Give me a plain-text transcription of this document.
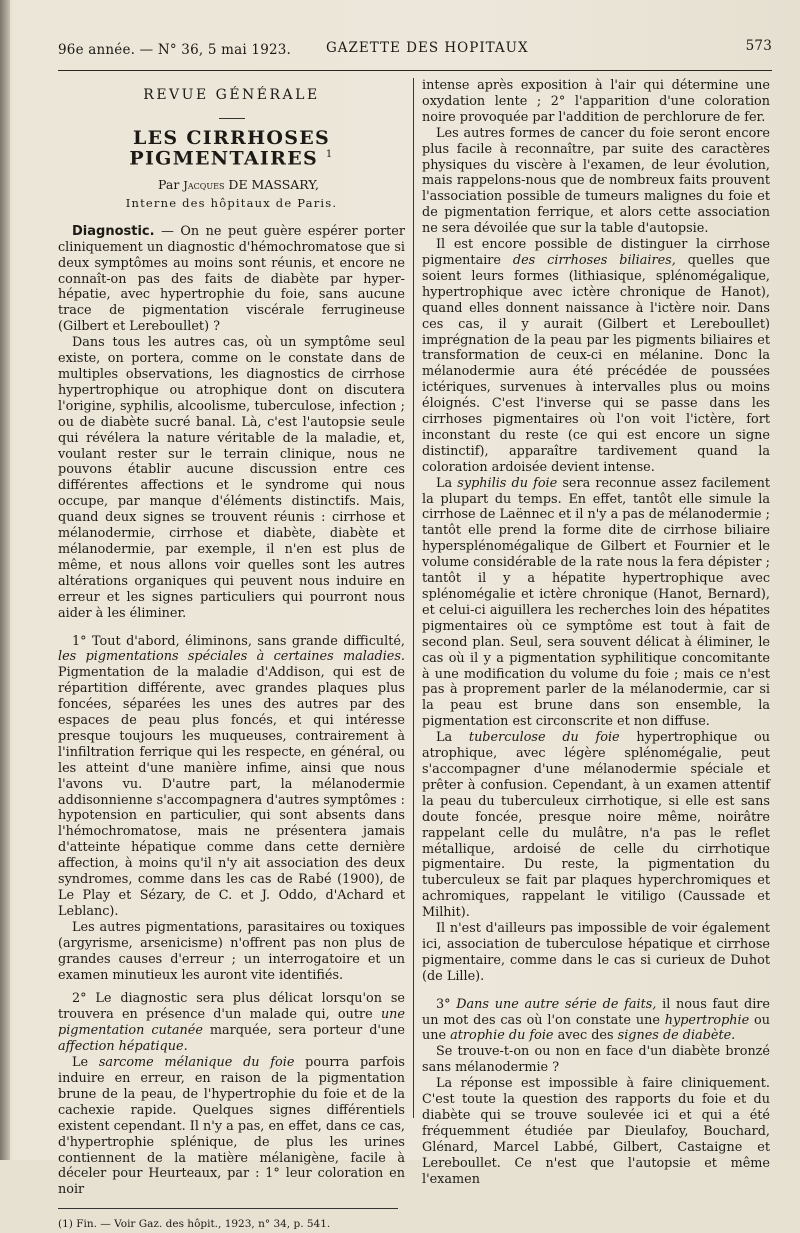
96e année. — N° 36, 5 mai 1923.	GAZETTE DES HOPITAUX	573
REVUE GÉNÉRALE
LES CIRRHOSES PIGMENTAIRES $^1$

Par Jacques DE MASSARY,

Interne des hôpitaux de Paris.

Diagnostic. — On ne peut guère espérer porter cliniquement un diagnostic d'hémochromatose que si deux symptômes au moins sont réunis, et encore ne connaît-on pas des faits de diabète par hyper-hépatie, avec hypertrophie du foie, sans aucune trace de pigmentation viscérale ferrugineuse (Gilbert et Lereboullet) ?

Dans tous les autres cas, où un symptôme seul existe, on portera, comme on le constate dans de multiples observations, les diagnostics de cirrhose hypertrophique ou atrophique dont on discutera l'origine, syphilis, alcoolisme, tuberculose, infection ; ou de diabète sucré banal. Là, c'est l'autopsie seule qui révélera la nature véritable de la maladie, et, voulant rester sur le terrain clinique, nous ne pouvons établir aucune discussion entre ces différentes affections et le syndrome qui nous occupe, par manque d'éléments distinctifs. Mais, quand deux signes se trouvent réunis : cirrhose et mélanodermie, cirrhose et diabète, diabète et mélanodermie, par exemple, il n'en est plus de même, et nous allons voir quelles sont les autres altérations organiques qui peuvent nous induire en erreur et les signes particuliers qui pourront nous aider à les éliminer.

1° Tout d'abord, éliminons, sans grande difficulté, les pigmentations spéciales à certaines maladies. Pigmentation de la maladie d'Addison, qui est de répartition différente, avec grandes plaques plus foncées, séparées les unes des autres par des espaces de peau plus foncés, et qui intéresse presque toujours les muqueuses, contrairement à l'infiltration ferrique qui les respecte, en général, ou les atteint d'une manière infime, ainsi que nous l'avons vu. D'autre part, la mélanodermie addisonnienne s'accompagnera d'autres symptômes : hypotension en particulier, qui sont absents dans l'hémochromatose, mais ne présentera jamais d'atteinte hépatique comme dans cette dernière affection, à moins qu'il n'y ait association des deux syndromes, comme dans les cas de Rabé (1900), de Le Play et Sézary, de C. et J. Oddo, d'Achard et Leblanc).

Les autres pigmentations, parasitaires ou toxiques (argyrisme, arsenicisme) n'offrent pas non plus de grandes causes d'erreur ; un interrogatoire et un examen minutieux les auront vite identifiés.

2° Le diagnostic sera plus délicat lorsqu'on se trouvera en présence d'un malade qui, outre une pigmentation cutanée marquée, sera porteur d'une affection hépatique.

Le sarcome mélanique du foie pourra parfois induire en erreur, en raison de la pigmentation brune de la peau, de l'hypertrophie du foie et de la cachexie rapide. Quelques signes différentiels existent cependant. Il n'y a pas, en effet, dans ce cas, d'hypertrophie splénique, de plus les urines contiennent de la matière mélanigène, facile à déceler pour Heurteaux, par : 1° leur coloration en noir

(1) Fin. — Voir Gaz. des hôpit., 1923, n° 34, p. 541.

intense après exposition à l'air qui détermine une oxydation lente ; 2° l'apparition d'une coloration noire provoquée par l'addition de perchlorure de fer.

Les autres formes de cancer du foie seront encore plus facile à reconnaître, par suite des caractères physiques du viscère à l'examen, de leur évolution, mais rappelons-nous que de nombreux faits prouvent l'association possible de tumeurs malignes du foie et de pigmentation ferrique, et alors cette association ne sera dévoilée que sur la table d'autopsie.

Il est encore possible de distinguer la cirrhose pigmentaire des cirrhoses biliaires, quelles que soient leurs formes (lithiasique, splénomégalique, hypertrophique avec ictère chronique de Hanot), quand elles donnent naissance à l'ictère noir. Dans ces cas, il y aurait (Gilbert et Lereboullet) imprégnation de la peau par les pigments biliaires et transformation de ceux-ci en mélanine. Donc la mélanodermie aura été précédée de poussées ictériques, survenues à intervalles plus ou moins éloignés. C'est l'inverse qui se passe dans les cirrhoses pigmentaires où l'on voit l'ictère, fort inconstant du reste (ce qui est encore un signe distinctif), apparaître tardivement quand la coloration ardoisée devient intense.

La syphilis du foie sera reconnue assez facilement la plupart du temps. En effet, tantôt elle simule la cirrhose de Laënnec et il n'y a pas de mélanodermie ; tantôt elle prend la forme dite de cirrhose biliaire hypersplénomégalique de Gilbert et Fournier et le volume considérable de la rate nous la fera dépister ; tantôt il y a hépatite hypertrophique avec splénomégalie et ictère chronique (Hanot, Bernard), et celui-ci aiguillera les recherches loin des hépatites pigmentaires où ce symptôme est tout à fait de second plan. Seul, sera souvent délicat à éliminer, le cas où il y a pigmentation syphilitique concomitante à une modification du volume du foie ; mais ce n'est pas à proprement parler de la mélanodermie, car si la peau est brune dans son ensemble, la pigmentation est circonscrite et non diffuse.

La tuberculose du foie hypertrophique ou atrophique, avec légère splénomégalie, peut s'accompagner d'une mélanodermie spéciale et prêter à confusion. Cependant, à un examen attentif la peau du tuberculeux cirrhotique, si elle est sans doute foncée, presque noire même, noirâtre rappelant celle du mulâtre, n'a pas le reflet métallique, ardoisé de celle du cirrhotique pigmentaire. Du reste, la pigmentation du tuberculeux se fait par plaques hyperchromiques et achromiques, rappelant le vitiligo (Caussade et Milhit).

Il n'est d'ailleurs pas impossible de voir également ici, association de tuberculose hépatique et cirrhose pigmentaire, comme dans le cas si curieux de Duhot (de Lille).

3° Dans une autre série de faits, il nous faut dire un mot des cas où l'on constate une hypertrophie ou une atrophie du foie avec des signes de diabète.

Se trouve-t-on ou non en face d'un diabète bronzé sans mélanodermie ?

La réponse est impossible à faire cliniquement. C'est toute la question des rapports du foie et du diabète qui se trouve soulevée ici et qui a été fréquemment étudiée par Dieulafoy, Bouchard, Glénard, Marcel Labbé, Gilbert, Castaigne et Lereboullet. Ce n'est que l'autopsie et même l'examen
